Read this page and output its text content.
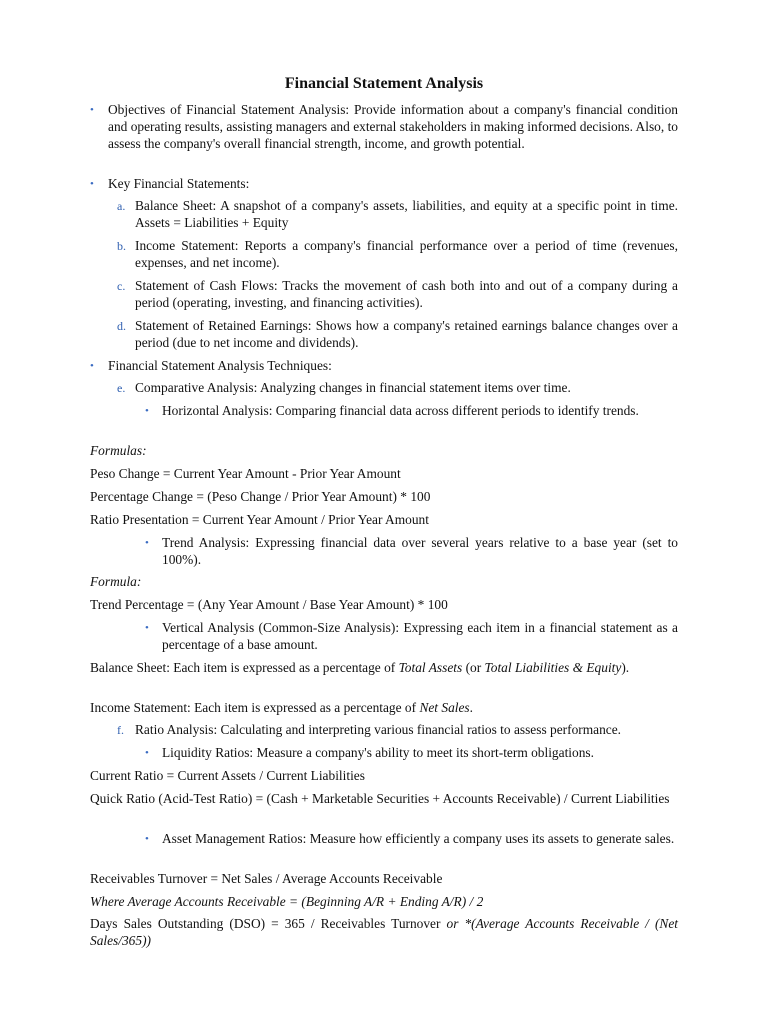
Financial Statement Analysis
• Objectives of Financial Statement Analysis: Provide information about a company's financial condition and operating results, assisting managers and external stakeholders in making informed decisions. Also, to assess the company's overall financial strength, income, and growth potential.
• Key Financial Statements:
a. Balance Sheet: A snapshot of a company's assets, liabilities, and equity at a specific point in time. Assets = Liabilities + Equity
b. Income Statement: Reports a company's financial performance over a period of time (revenues, expenses, and net income).
c. Statement of Cash Flows: Tracks the movement of cash both into and out of a company during a period (operating, investing, and financing activities).
d. Statement of Retained Earnings: Shows how a company's retained earnings balance changes over a period (due to net income and dividends).
• Financial Statement Analysis Techniques:
e. Comparative Analysis: Analyzing changes in financial statement items over time.
• Horizontal Analysis: Comparing financial data across different periods to identify trends.
Formulas:
Peso Change = Current Year Amount - Prior Year Amount
Percentage Change = (Peso Change / Prior Year Amount) * 100
Ratio Presentation = Current Year Amount / Prior Year Amount
• Trend Analysis: Expressing financial data over several years relative to a base year (set to 100%).
Formula:
Trend Percentage = (Any Year Amount / Base Year Amount) * 100
• Vertical Analysis (Common-Size Analysis): Expressing each item in a financial statement as a percentage of a base amount.
Balance Sheet: Each item is expressed as a percentage of Total Assets (or Total Liabilities & Equity).
Income Statement: Each item is expressed as a percentage of Net Sales.
f. Ratio Analysis: Calculating and interpreting various financial ratios to assess performance.
• Liquidity Ratios: Measure a company's ability to meet its short-term obligations.
Current Ratio = Current Assets / Current Liabilities
Quick Ratio (Acid-Test Ratio) = (Cash + Marketable Securities + Accounts Receivable) / Current Liabilities
• Asset Management Ratios: Measure how efficiently a company uses its assets to generate sales.
Receivables Turnover = Net Sales / Average Accounts Receivable
Where Average Accounts Receivable = (Beginning A/R + Ending A/R) / 2
Days Sales Outstanding (DSO) = 365 / Receivables Turnover or *(Average Accounts Receivable / (Net Sales/365))
